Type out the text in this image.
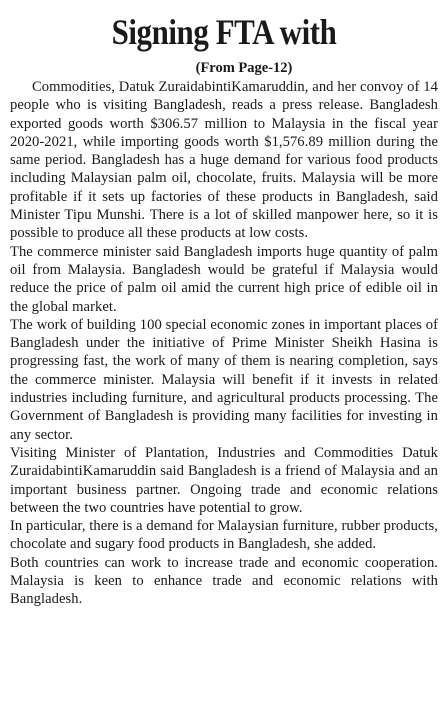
Signing FTA with
(From Page-12)

Commodities, Datuk ZuraidabintiKamaruddin, and her convoy of 14 people who is visiting Bangladesh, reads a press release. Bangladesh exported goods worth $306.57 million to Malaysia in the fiscal year 2020-2021, while importing goods worth $1,576.89 million during the same period. Bangladesh has a huge demand for various food products including Malaysian palm oil, chocolate, fruits. Malaysia will be more profitable if it sets up factories of these products in Bangladesh, said Minister Tipu Munshi. There is a lot of skilled manpower here, so it is possible to produce all these products at low costs.

The commerce minister said Bangladesh imports huge quantity of palm oil from Malaysia. Bangladesh would be grateful if Malaysia would reduce the price of palm oil amid the current high price of edible oil in the global market.

The work of building 100 special economic zones in important places of Bangladesh under the initiative of Prime Minister Sheikh Hasina is progressing fast, the work of many of them is nearing completion, says the commerce minister. Malaysia will benefit if it invests in related industries including furniture, and agricultural products processing. The Government of Bangladesh is providing many facilities for investing in any sector.

Visiting Minister of Plantation, Industries and Commodities Datuk ZuraidabintiKamaruddin said Bangladesh is a friend of Malaysia and an important business partner. Ongoing trade and economic relations between the two countries have potential to grow.

In particular, there is a demand for Malaysian furniture, rubber products, chocolate and sugary food products in Bangladesh, she added.

Both countries can work to increase trade and economic cooperation. Malaysia is keen to enhance trade and economic relations with Bangladesh.
